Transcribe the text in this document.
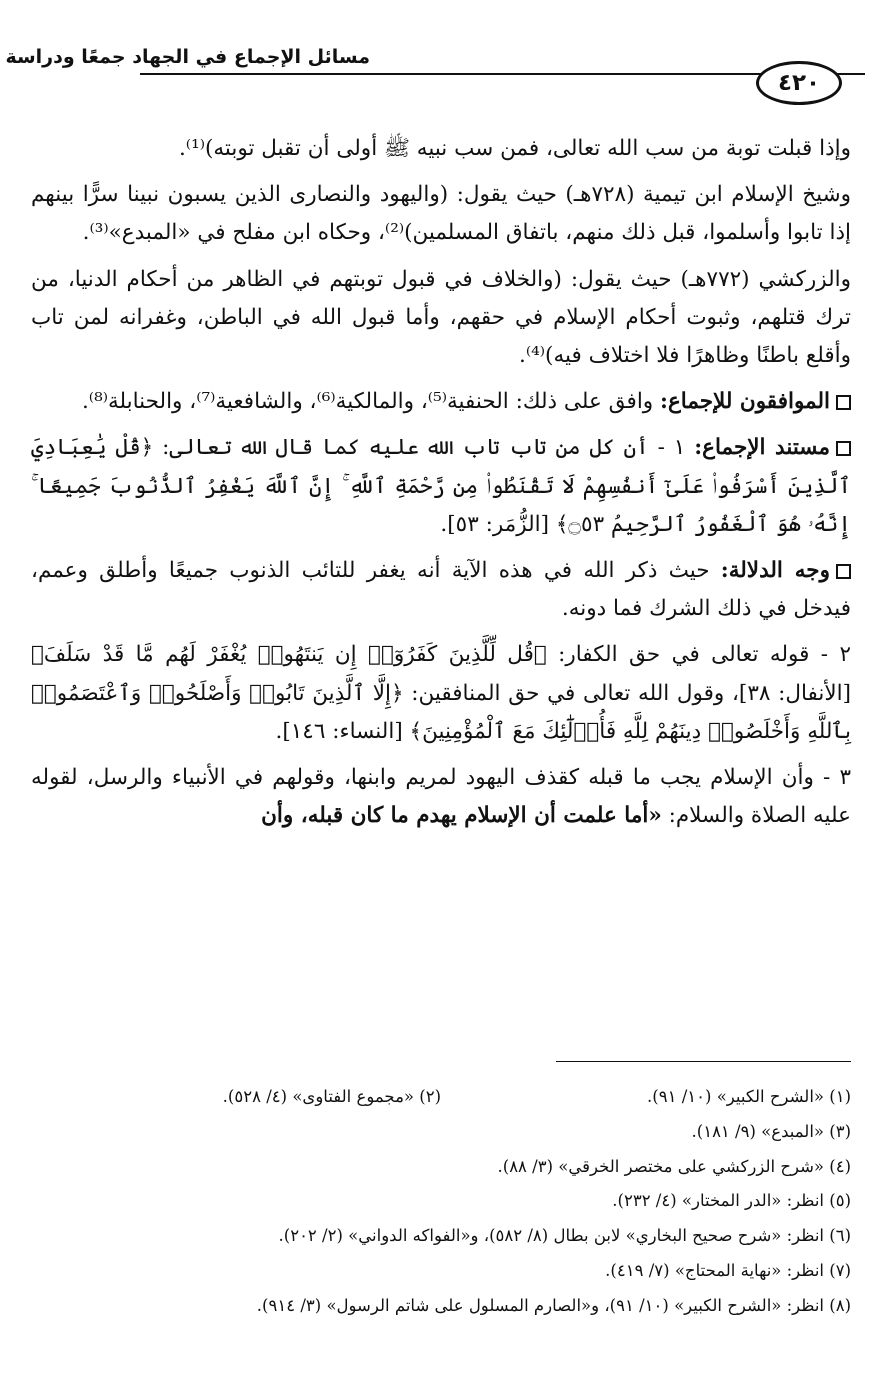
مسائل الإجماع في الجهاد جمعًا ودراسة
٤٢٠

وإذا قبلت توبة من سب الله تعالى، فمن سب نبيه ﷺ أولى أن تقبل توبته)⁽¹⁾.

وشيخ الإسلام ابن تيمية (٧٢٨هـ) حيث يقول: (واليهود والنصارى الذين يسبون نبينا سرًّا بينهم إذا تابوا وأسلموا، قبل ذلك منهم، باتفاق المسلمين)⁽²⁾، وحكاه ابن مفلح في «المبدع»⁽³⁾.

والزركشي (٧٧٢هـ) حيث يقول: (والخلاف في قبول توبتهم في الظاهر من أحكام الدنيا، من ترك قتلهم، وثبوت أحكام الإسلام في حقهم، وأما قبول الله في الباطن، وغفرانه لمن تاب وأقلع باطنًا وظاهرًا فلا اختلاف فيه)⁽⁴⁾.

الموافقون للإجماع: وافق على ذلك: الحنفية⁽⁵⁾، والمالكية⁽⁶⁾، والشافعية⁽⁷⁾، والحنابلة⁽⁸⁾.

مستند الإجماع: ١ - أن كل من تاب تاب الله عليه كما قال الله تعالى: ﴿قُلْ يَٰعِبَادِيَ ٱلَّذِينَ أَسْرَفُوا۟ عَلَىٰٓ أَنفُسِهِمْ لَا تَقْنَطُوا۟ مِن رَّحْمَةِ ٱللَّهِ ۚ إِنَّ ٱللَّهَ يَغْفِرُ ٱلذُّنُوبَ جَمِيعًا ۚ إِنَّهُۥ هُوَ ٱلْغَفُورُ ٱلرَّحِيمُ ۝٥٣﴾ [الزُّمَر: ٥٣].

وجه الدلالة: حيث ذكر الله في هذه الآية أنه يغفر للتائب الذنوب جميعًا وأطلق وعمم، فيدخل في ذلك الشرك فما دونه.

٢ - قوله تعالى في حق الكفار: ﴿قُل لِّلَّذِينَ كَفَرُوٓا۟ إِن يَنتَهُوا۟ يُغْفَرْ لَهُم مَّا قَدْ سَلَفَ﴾ [الأنفال: ٣٨]، وقول الله تعالى في حق المنافقين: ﴿إِلَّا ٱلَّذِينَ تَابُوا۟ وَأَصْلَحُوا۟ وَٱعْتَصَمُوا۟ بِٱللَّهِ وَأَخْلَصُوا۟ دِينَهُمْ لِلَّهِ فَأُو۟لَٰٓئِكَ مَعَ ٱلْمُؤْمِنِينَ﴾ [النساء: ١٤٦].

٣ - وأن الإسلام يجب ما قبله كقذف اليهود لمريم وابنها، وقولهم في الأنبياء والرسل، لقوله عليه الصلاة والسلام: «أما علمت أن الإسلام يهدم ما كان قبله، وأن

(١) «الشرح الكبير» (١٠/ ٩١).
(٢) «مجموع الفتاوى» (٤/ ٥٢٨).
(٣) «المبدع» (٩/ ١٨١).
(٤) «شرح الزركشي على مختصر الخرقي» (٣/ ٨٨).
(٥) انظر: «الدر المختار» (٤/ ٢٣٢).
(٦) انظر: «شرح صحيح البخاري» لابن بطال (٨/ ٥٨٢)، و«الفواكه الدواني» (٢/ ٢٠٢).
(٧) انظر: «نهاية المحتاج» (٧/ ٤١٩).
(٨) انظر: «الشرح الكبير» (١٠/ ٩١)، و«الصارم المسلول على شاتم الرسول» (٣/ ٩١٤).
